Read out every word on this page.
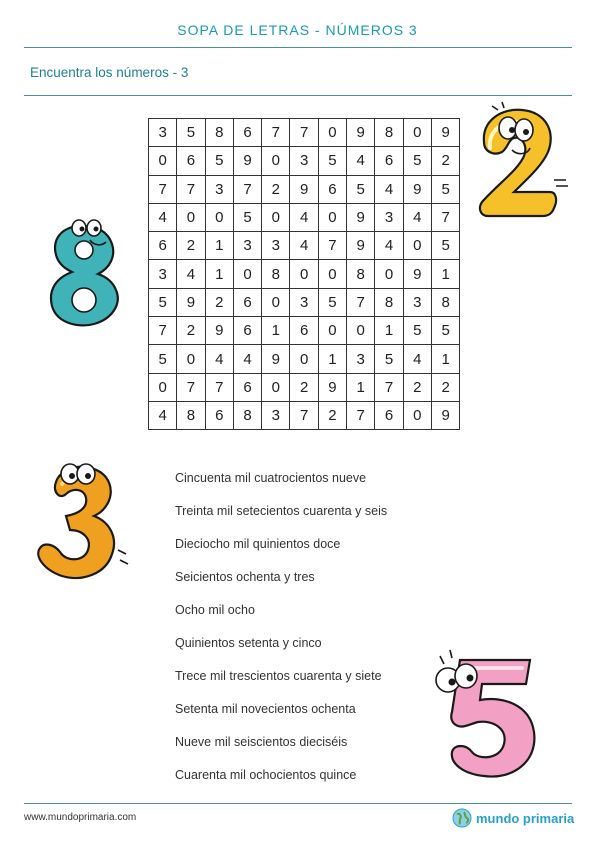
SOPA DE LETRAS - NÚMEROS 3
Encuentra los números - 3
3	5	8	6	7	7	0	9	8	0	9
0	6	5	9	0	3	5	4	6	5	2
7	7	3	7	2	9	6	5	4	9	5
4	0	0	5	0	4	0	9	3	4	7
6	2	1	3	3	4	7	9	4	0	5
3	4	1	0	8	0	0	8	0	9	1
5	9	2	6	0	3	5	7	8	3	8
7	2	9	6	1	6	0	0	1	5	5
5	0	4	4	9	0	1	3	5	4	1
0	7	7	6	0	2	9	1	7	2	2
4	8	6	8	3	7	2	7	6	0	9
Cincuenta mil cuatrocientos nueve
Treinta mil setecientos cuarenta y seis
Dieciocho mil quinientos doce
Seicientos ochenta y tres
Ocho mil ocho
Quinientos setenta y cinco
Trece mil trescientos cuarenta y siete
Setenta mil novecientos ochenta
Nueve mil seiscientos dieciséis
Cuarenta mil ochocientos quince
www.mundoprimaria.com	mundo primaria
